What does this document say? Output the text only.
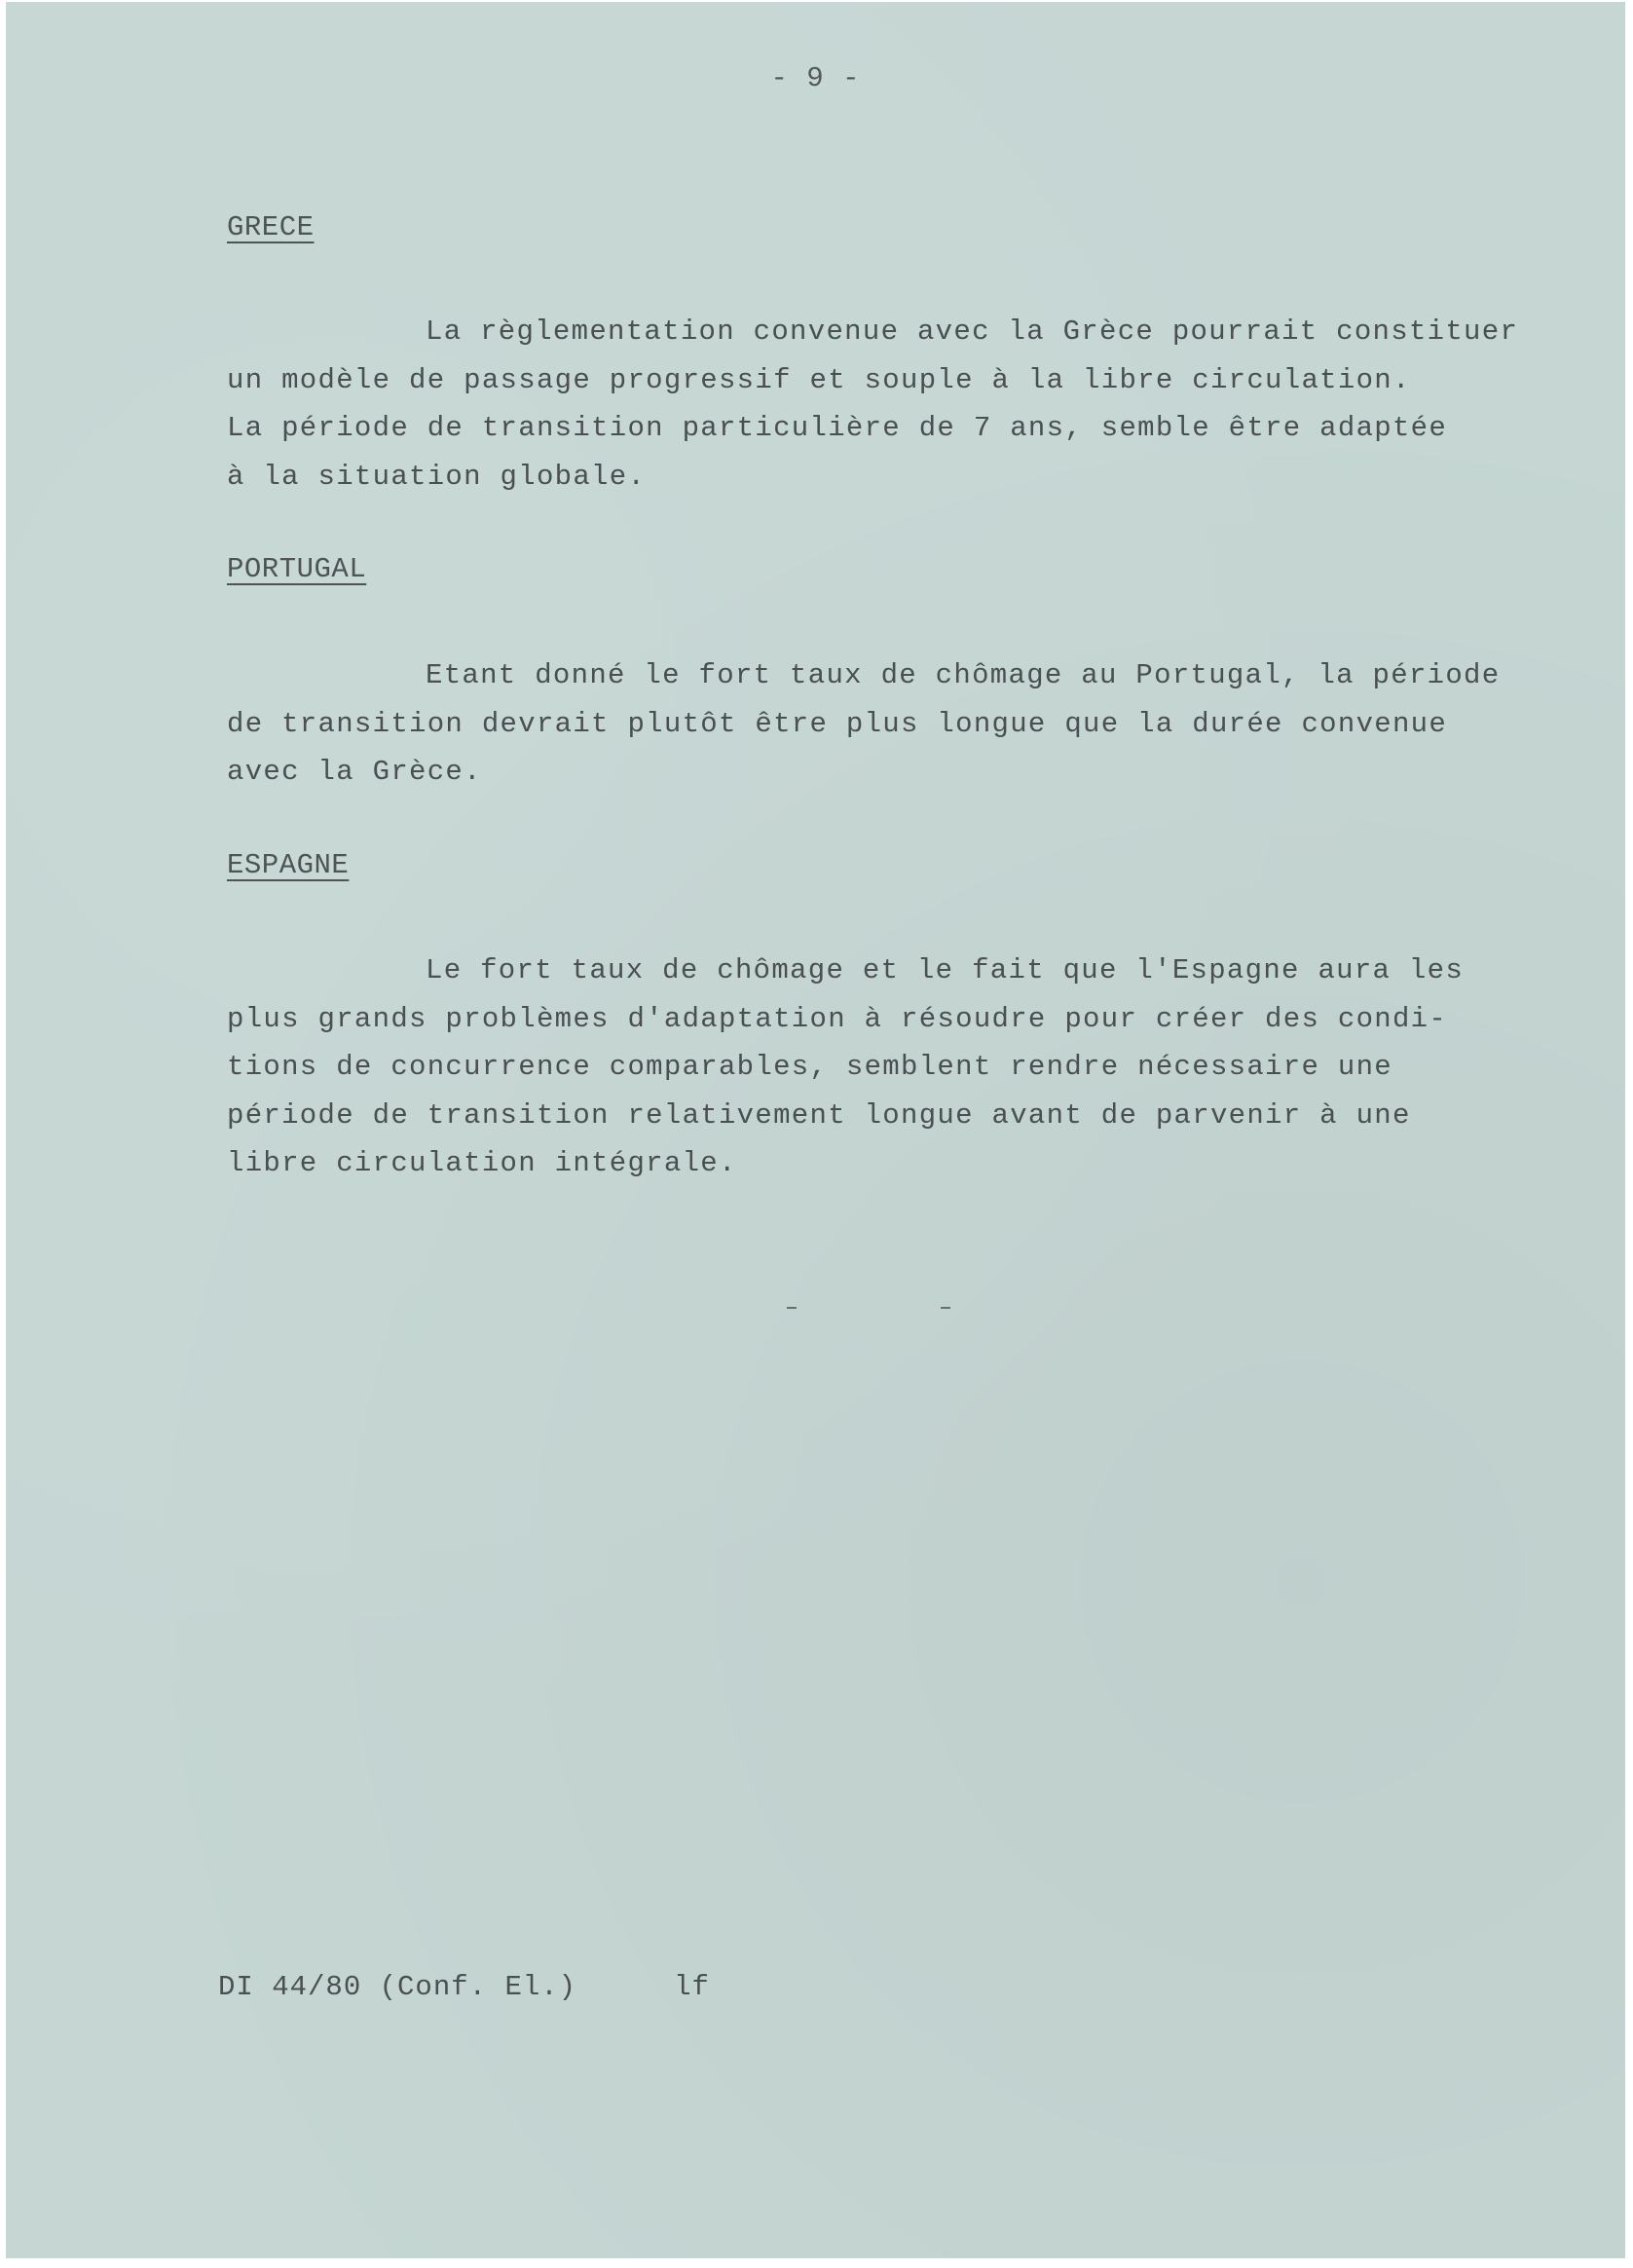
- 9 -
GRECE
La règlementation convenue avec la Grèce pourrait constituer
un modèle de passage progressif et souple à la libre circulation.
La période de transition particulière de 7 ans, semble être adaptée
à la situation globale.
PORTUGAL
Etant donné le fort taux de chômage au Portugal, la période
de transition devrait plutôt être plus longue que la durée convenue
avec la Grèce.
ESPAGNE
Le fort taux de chômage et le fait que l'Espagne aura les
plus grands problèmes d'adaptation à résoudre pour créer des condi-
tions de concurrence comparables, semblent rendre nécessaire une
période de transition relativement longue avant de parvenir à une
libre circulation intégrale.
DI 44/80 (Conf. El.)	lf
